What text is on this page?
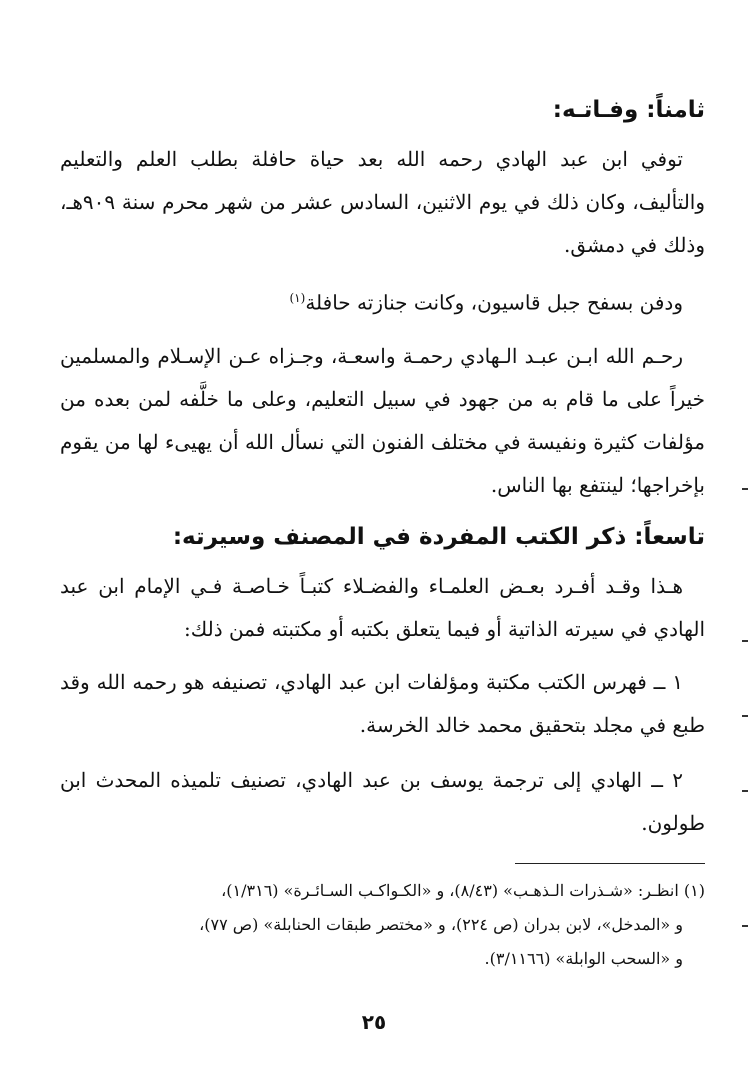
ثامناً: وفـاتـه:

توفي ابن عبد الهادي رحمه الله بعد حياة حافلة بطلب العلم والتعليم والتأليف، وكان ذلك في يوم الاثنين، السادس عشر من شهر محرم سنة ٩٠٩هـ، وذلك في دمشق.

ودفن بسفح جبل قاسيون، وكانت جنازته حافلة$^{(١)}$

رحـم الله ابـن عبـد الـهادي رحمـة واسعـة، وجـزاه عـن الإسـلام والمسلمين خيراً على ما قام به من جهود في سبيل التعليم، وعلى ما خلَّفه لمن بعده من مؤلفات كثيرة ونفيسة في مختلف الفنون التي نسأل الله أن يهيىء لها من يقوم بإخراجها؛ لينتفع بها الناس.

تاسعاً: ذكر الكتب المفردة في المصنف وسيرته:

هـذا وقـد أفـرد بعـض العلمـاء والفضـلاء كتبـاً خـاصـة فـي الإمام ابن عبد الهادي في سيرته الذاتية أو فيما يتعلق بكتبه أو مكتبته فمن ذلك:

١ ــ فهرس الكتب مكتبة ومؤلفات ابن عبد الهادي، تصنيفه هو رحمه الله وقد طبع في مجلد بتحقيق محمد خالد الخرسة.

٢ ــ الهادي إلى ترجمة يوسف بن عبد الهادي، تصنيف تلميذه المحدث ابن طولون.

(١) انظـر: «شـذرات الـذهـب» (٨/٤٣)، و «الكـواكـب السـائـرة» (١/٣١٦)،
و «المدخل»، لابن بدران (ص ٢٢٤)، و «مختصر طبقات الحنابلة» (ص ٧٧)،
و «السحب الوابلة» (٣/١١٦٦).

٢٥
